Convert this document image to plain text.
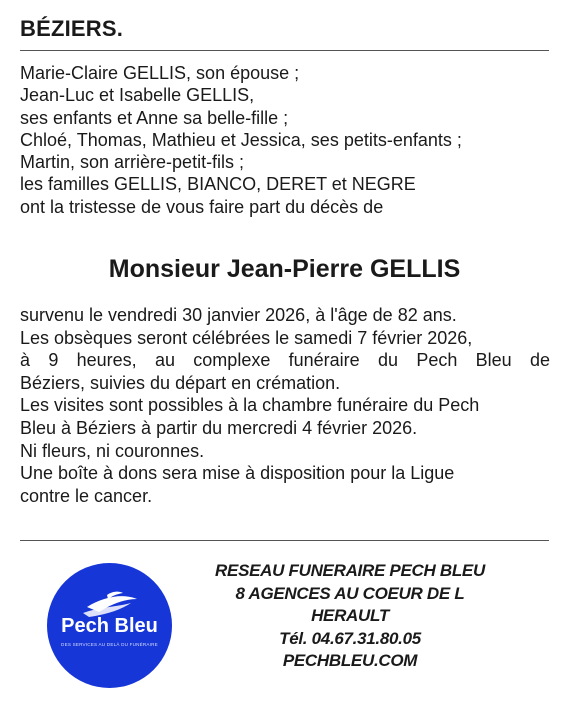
BÉZIERS.
Marie-Claire GELLIS, son épouse ;
Jean-Luc et Isabelle GELLIS,
ses enfants et Anne sa belle-fille ;
Chloé, Thomas, Mathieu et Jessica, ses petits-enfants ;
Martin, son arrière-petit-fils ;
les familles GELLIS, BIANCO, DERET et NEGRE
ont la tristesse de vous faire part du décès de
Monsieur Jean-Pierre GELLIS
survenu le vendredi 30 janvier 2026, à l'âge de 82 ans.
Les obsèques seront célébrées le samedi 7 février 2026,
à 9 heures, au complexe funéraire du Pech Bleu de
Béziers, suivies du départ en crémation.
Les visites sont possibles à la chambre funéraire du Pech
Bleu à Béziers à partir du mercredi 4 février 2026.
Ni fleurs, ni couronnes.
Une boîte à dons sera mise à disposition pour la Ligue
contre le cancer.
Pech Bleu
DES SERVICES AU DELÀ DU FUNÉRAIRE
RESEAU FUNERAIRE PECH BLEU
8 AGENCES AU COEUR DE L
HERAULT
Tél. 04.67.31.80.05
PECHBLEU.COM
